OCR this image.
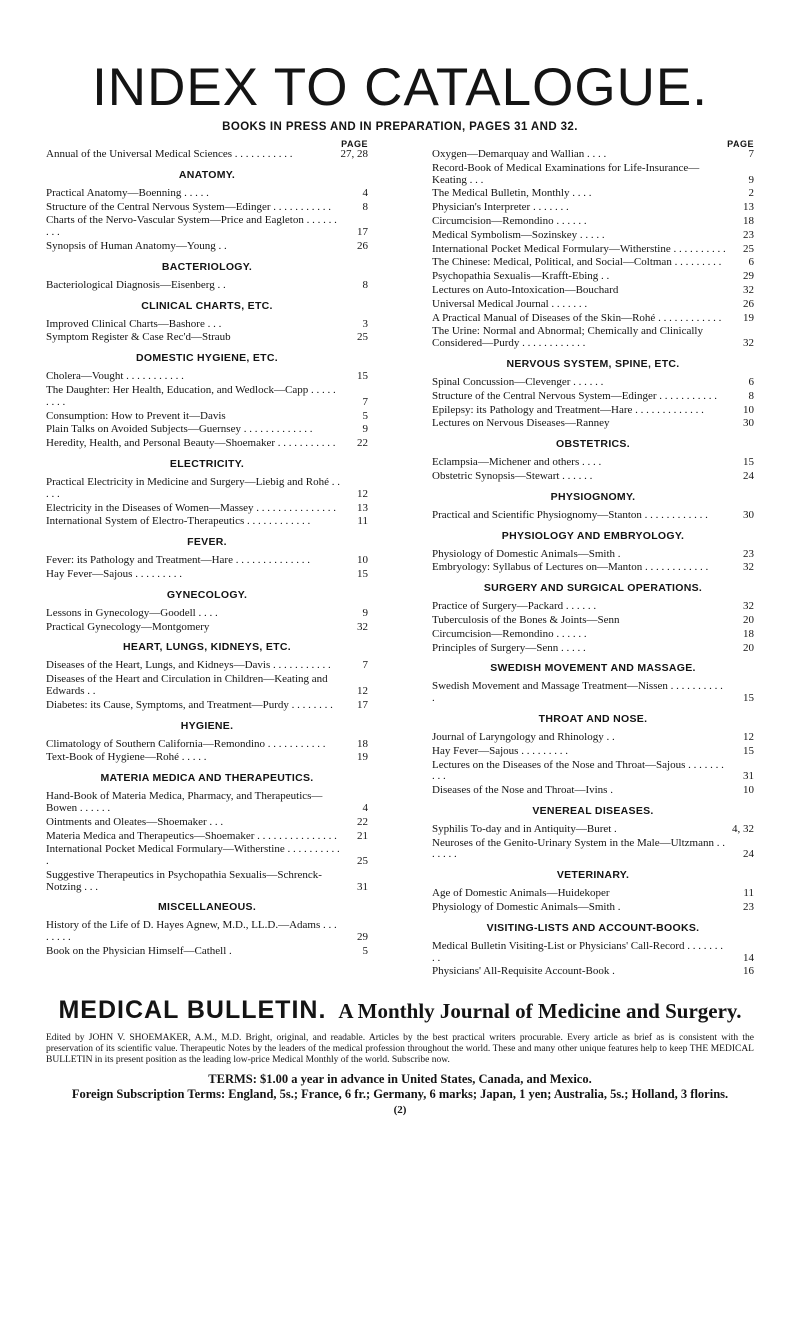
INDEX TO CATALOGUE.
BOOKS IN PRESS AND IN PREPARATION, PAGES 31 AND 32.
PAGE
Annual of the Universal Medical Sciences . . . . . . . . . . .	27, 28
ANATOMY.
Practical Anatomy—Boenning . . . . .	4
Structure of the Central Nervous System—Edinger . . . . . . . . . . .	8
Charts of the Nervo-Vascular System—Price and Eagleton . . . . . . . . .	17
Synopsis of Human Anatomy—Young . .	26
BACTERIOLOGY.
Bacteriological Diagnosis—Eisenberg . .	8
CLINICAL CHARTS, ETC.
Improved Clinical Charts—Bashore . . .	3
Symptom Register & Case Rec'd—Straub	25
DOMESTIC HYGIENE, ETC.
Cholera—Vought . . . . . . . . . . .	15
The Daughter: Her Health, Education, and Wedlock—Capp . . . . . . . . .	7
Consumption: How to Prevent it—Davis	5
Plain Talks on Avoided Subjects—Guernsey . . . . . . . . . . . . .	9
Heredity, Health, and Personal Beauty—Shoemaker . . . . . . . . . . .	22
ELECTRICITY.
Practical Electricity in Medicine and Surgery—Liebig and Rohé . . . . .	12
Electricity in the Diseases of Women—Massey . . . . . . . . . . . . . . .	13
International System of Electro-Therapeutics . . . . . . . . . . . .	11
FEVER.
Fever: its Pathology and Treatment—Hare . . . . . . . . . . . . . .	10
Hay Fever—Sajous . . . . . . . . .	15
GYNECOLOGY.
Lessons in Gynecology—Goodell . . . .	9
Practical Gynecology—Montgomery	32
HEART, LUNGS, KIDNEYS, ETC.
Diseases of the Heart, Lungs, and Kidneys—Davis . . . . . . . . . . .	7
Diseases of the Heart and Circulation in Children—Keating and Edwards . .	12
Diabetes: its Cause, Symptoms, and Treatment—Purdy . . . . . . . .	17
HYGIENE.
Climatology of Southern California—Remondino . . . . . . . . . . .	18
Text-Book of Hygiene—Rohé . . . . .	19
MATERIA MEDICA AND THERAPEUTICS.
Hand-Book of Materia Medica, Pharmacy, and Therapeutics—Bowen . . . . . .	4
Ointments and Oleates—Shoemaker . . .	22
Materia Medica and Therapeutics—Shoemaker . . . . . . . . . . . . . . .	21
International Pocket Medical Formulary—Witherstine . . . . . . . . . . .	25
Suggestive Therapeutics in Psychopathia Sexualis—Schrenck-Notzing . . .	31
MISCELLANEOUS.
History of the Life of D. Hayes Agnew, M.D., LL.D.—Adams . . . . . . . .	29
Book on the Physician Himself—Cathell .	5
PAGE
Oxygen—Demarquay and Wallian . . . .	7
Record-Book of Medical Examinations for Life-Insurance—Keating . . .	9
The Medical Bulletin, Monthly . . . .	2
Physician's Interpreter . . . . . . .	13
Circumcision—Remondino . . . . . .	18
Medical Symbolism—Sozinskey . . . . .	23
International Pocket Medical Formulary—Witherstine . . . . . . . . . .	25
The Chinese: Medical, Political, and Social—Coltman . . . . . . . . .	6
Psychopathia Sexualis—Krafft-Ebing . .	29
Lectures on Auto-Intoxication—Bouchard	32
Universal Medical Journal . . . . . . .	26
A Practical Manual of Diseases of the Skin—Rohé . . . . . . . . . . . .	19
The Urine: Normal and Abnormal; Chemically and Clinically Considered—Purdy . . . . . . . . . . . .	32
NERVOUS SYSTEM, SPINE, ETC.
Spinal Concussion—Clevenger . . . . . .	6
Structure of the Central Nervous System—Edinger . . . . . . . . . . .	8
Epilepsy: its Pathology and Treatment—Hare . . . . . . . . . . . . .	10
Lectures on Nervous Diseases—Ranney	30
OBSTETRICS.
Eclampsia—Michener and others . . . .	15
Obstetric Synopsis—Stewart . . . . . .	24
PHYSIOGNOMY.
Practical and Scientific Physiognomy—Stanton . . . . . . . . . . . .	30
PHYSIOLOGY AND EMBRYOLOGY.
Physiology of Domestic Animals—Smith .	23
Embryology: Syllabus of Lectures on—Manton . . . . . . . . . . . .	32
SURGERY AND SURGICAL OPERATIONS.
Practice of Surgery—Packard . . . . . .	32
Tuberculosis of the Bones & Joints—Senn	20
Circumcision—Remondino . . . . . .	18
Principles of Surgery—Senn . . . . .	20
SWEDISH MOVEMENT AND MASSAGE.
Swedish Movement and Massage Treatment—Nissen . . . . . . . . . . .	15
THROAT AND NOSE.
Journal of Laryngology and Rhinology . .	12
Hay Fever—Sajous . . . . . . . . .	15
Lectures on the Diseases of the Nose and Throat—Sajous . . . . . . . . . .	31
Diseases of the Nose and Throat—Ivins .	10
VENEREAL DISEASES.
Syphilis To-day and in Antiquity—Buret .	4, 32
Neuroses of the Genito-Urinary System in the Male—Ultzmann . . . . . . .	24
VETERINARY.
Age of Domestic Animals—Huidekoper	11
Physiology of Domestic Animals—Smith .	23
VISITING-LISTS AND ACCOUNT-BOOKS.
Medical Bulletin Visiting-List or Physicians' Call-Record . . . . . . . . .	14
Physicians' All-Requisite Account-Book .	16
MEDICAL BULLETIN. A Monthly Journal of Medicine and Surgery.
Edited by JOHN V. SHOEMAKER, A.M., M.D. Bright, original, and readable. Articles by the best practical writers procurable. Every article as brief as is consistent with the preservation of its scientific value. Therapeutic Notes by the leaders of the medical profession throughout the world. These and many other unique features help to keep THE MEDICAL BULLETIN in its present position as the leading low-price Medical Monthly of the world. Subscribe now.
TERMS: $1.00 a year in advance in United States, Canada, and Mexico.
Foreign Subscription Terms: England, 5s.; France, 6 fr.; Germany, 6 marks; Japan, 1 yen; Australia, 5s.; Holland, 3 florins.
(2)
